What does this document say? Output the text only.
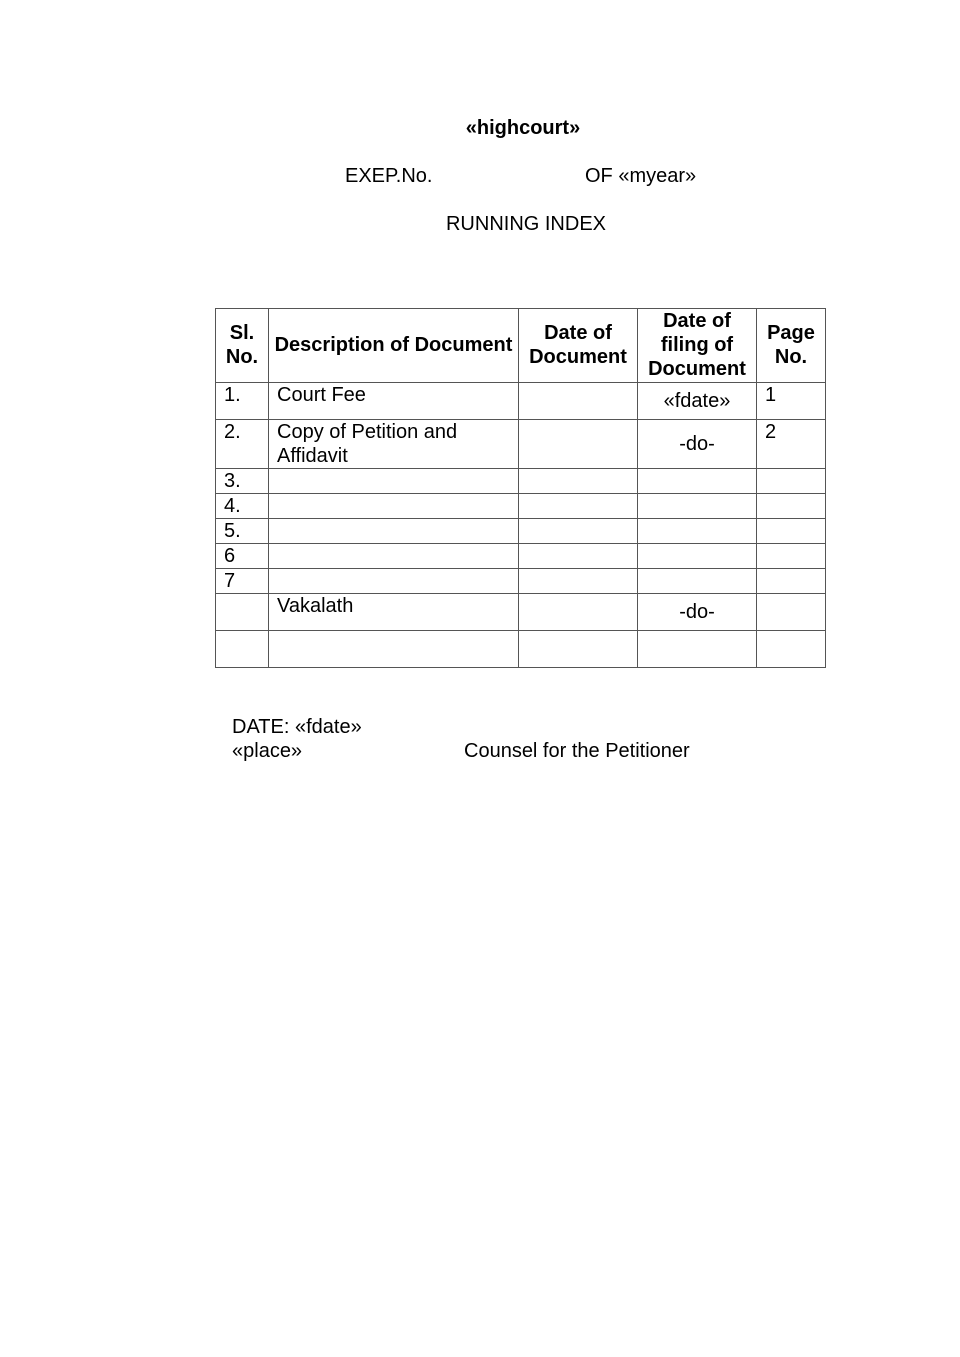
«highcourt»
EXEP.No.	OF «myear»
RUNNING INDEX
Sl. No.	Description of Document	Date of Document	Date of filing of Document	Page No.
1.	Court Fee		«fdate»	1
2.	Copy of Petition and Affidavit		-do-	2
3.				
4.				
5.				
6				
7				
	Vakalath		-do-	

DATE: «fdate»
«place»	Counsel for the Petitioner
